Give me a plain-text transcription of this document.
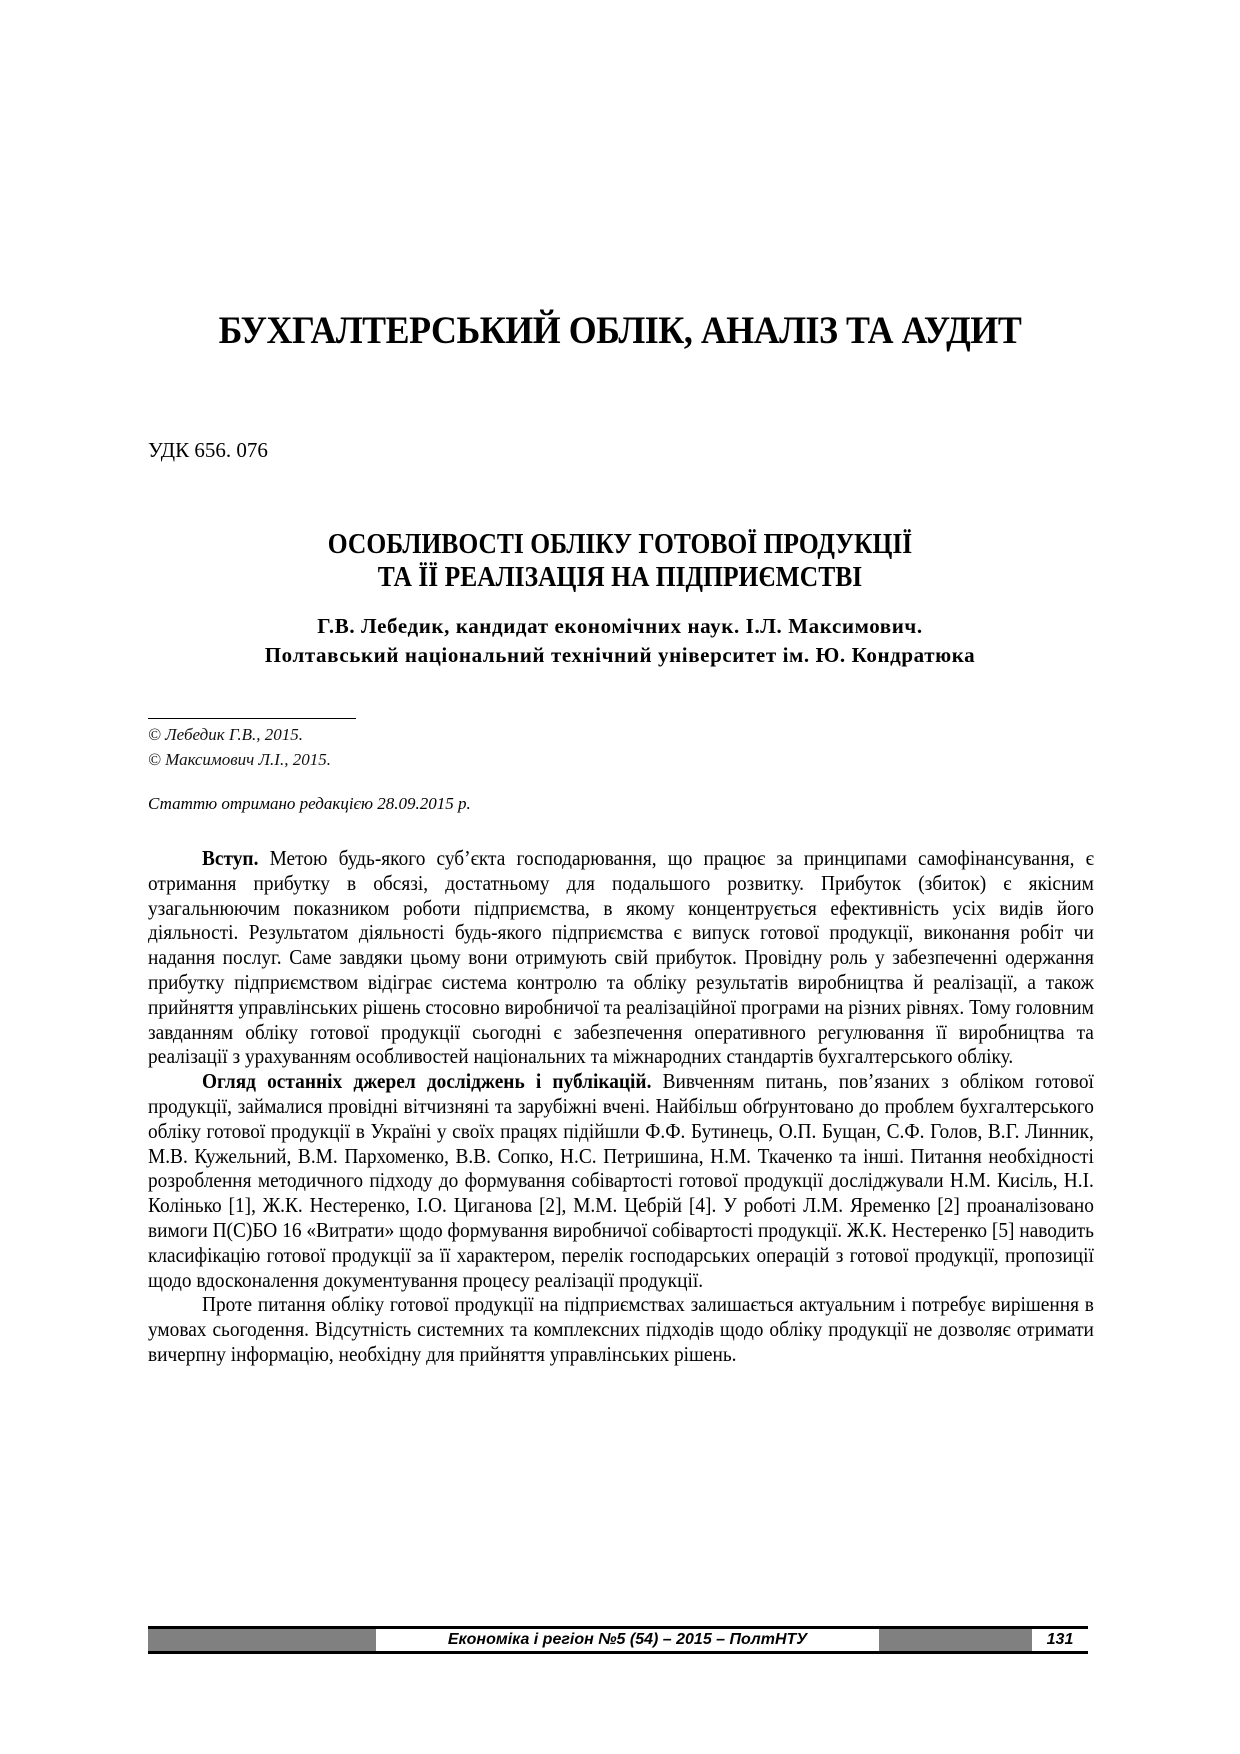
БУХГАЛТЕРСЬКИЙ ОБЛІК, АНАЛІЗ ТА АУДИТ
УДК 656. 076
ОСОБЛИВОСТІ ОБЛІКУ ГОТОВОЇ ПРОДУКЦІЇ
ТА ЇЇ РЕАЛІЗАЦІЯ НА ПІДПРИЄМСТВІ
Г.В. Лебедик, кандидат економічних наук. І.Л. Максимович.
Полтавський національний технічний університет ім. Ю. Кондратюка
© Лебедик Г.В., 2015.
© Максимович Л.І., 2015.
Статтю отримано редакцією 28.09.2015 р.

Вступ. Метою будь-якого суб’єкта господарювання, що працює за принципами самофінансування, є отримання прибутку в обсязі, достатньому для подальшого розвитку. Прибуток (збиток) є якісним узагальнюючим показником роботи підприємства, в якому концентрується ефективність усіх видів його діяльності. Результатом діяльності будь-якого підприємства є випуск готової продукції, виконання робіт чи надання послуг. Саме завдяки цьому вони отримують свій прибуток. Провідну роль у забезпеченні одержання прибутку підприємством відіграє система контролю та обліку результатів виробництва й реалізації, а також прийняття управлінських рішень стосовно виробничої та реалізаційної програми на різних рівнях. Тому головним завданням обліку готової продукції сьогодні є забезпечення оперативного регулювання її виробництва та реалізації з урахуванням особливостей національних та міжнародних стандартів бухгалтерського обліку.

Огляд останніх джерел досліджень і публікацій. Вивченням питань, пов’язаних з обліком готової продукції, займалися провідні вітчизняні та зарубіжні вчені. Найбільш обґрунтовано до проблем бухгалтерського обліку готової продукції в Україні у своїх працях підійшли Ф.Ф. Бутинець, О.П. Бущан, С.Ф. Голов, В.Г. Линник, М.В. Кужельний, В.М. Пархоменко, В.В. Сопко, Н.С. Петришина, Н.М. Ткаченко та інші. Питання необхідності розроблення методичного підходу до формування собівартості готової продукції досліджували Н.М. Кисіль, Н.І. Колінько [1], Ж.К. Нестеренко, І.О. Циганова [2], М.М. Цебрій [4]. У роботі Л.М. Яременко [2] проаналізовано вимоги П(С)БО 16 «Витрати» щодо формування виробничої собівартості продукції. Ж.К. Нестеренко [5] наводить класифікацію готової продукції за її характером, перелік господарських операцій з готової продукції, пропозиції щодо вдосконалення документування процесу реалізації продукції.

Проте питання обліку готової продукції на підприємствах залишається актуальним і потребує вирішення в умовах сьогодення. Відсутність системних та комплексних підходів щодо обліку продукції не дозволяє отримати вичерпну інформацію, необхідну для прийняття управлінських рішень.

Економіка і регіон №5 (54) – 2015 – ПолтНТУ	131
